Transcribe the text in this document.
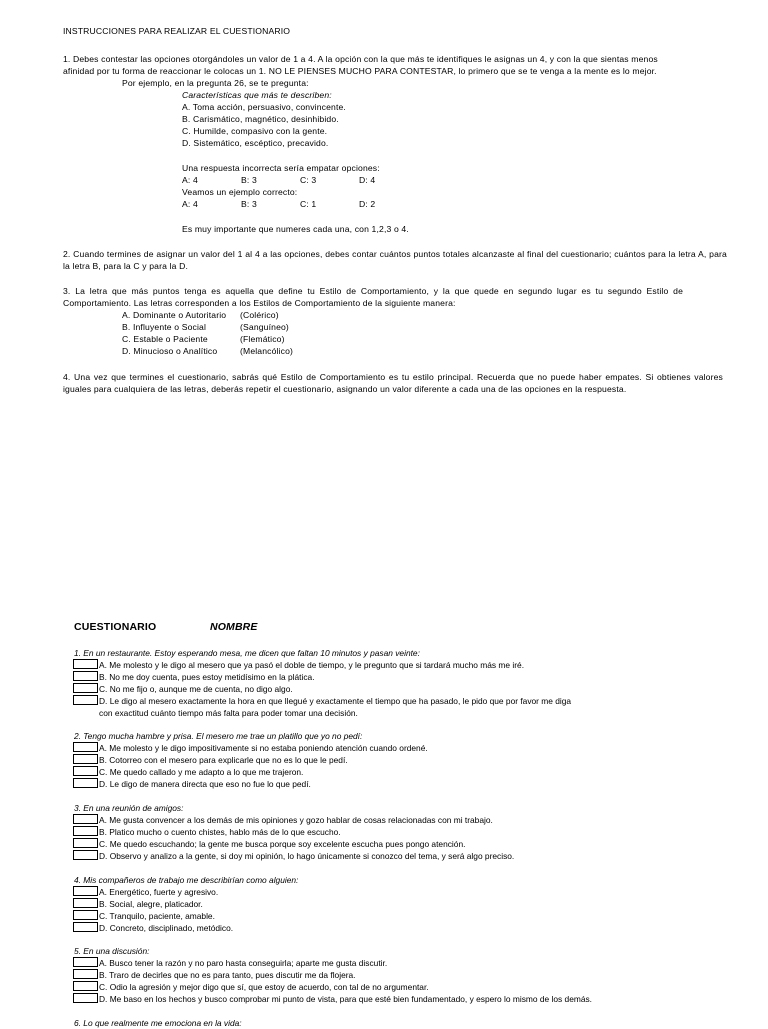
INSTRUCCIONES PARA REALIZAR EL CUESTIONARIO
1. Debes contestar las opciones otorgándoles un valor de 1 a 4. A la opción con la que más te identifiques le asignas un 4, y con la que sientas menos
afinidad por tu forma de reaccionar le colocas un 1. NO LE PIENSES MUCHO PARA CONTESTAR, lo primero que se te venga a la mente es lo mejor.
Por ejemplo, en la pregunta 26, se te pregunta:
Características que más te describen:
A. Toma acción, persuasivo, convincente.
B. Carismático, magnético, desinhibido.
C. Humilde, compasivo con la gente.
D. Sistemático, escéptico, precavido.
Una respuesta incorrecta sería empatar opciones:
A: 4	B: 3	C: 3	D: 4
Veamos un ejemplo correcto:
A: 4	B: 3	C: 1	D: 2
Es muy importante que numeres cada una, con 1,2,3 o 4.
2. Cuando termines de asignar un valor del 1 al 4 a las opciones, debes contar cuántos puntos totales alcanzaste al final del cuestionario; cuántos para la letra A, para la letra B, para la C y para la D.
3. La letra que más puntos tenga es aquella que define tu Estilo de Comportamiento, y la que quede en segundo lugar es tu segundo Estilo de Comportamiento. Las letras corresponden a los Estilos de Comportamiento de la siguiente manera:
A. Dominante o Autoritario (Colérico)
B. Influyente o Social	(Sanguíneo)
C. Estable o Paciente	(Flemático)
D. Minucioso o Analítico	(Melancólico)
4. Una vez que termines el cuestionario, sabrás qué Estilo de Comportamiento es tu estilo principal. Recuerda que no puede haber empates. Si obtienes valores iguales para cualquiera de las letras, deberás repetir el cuestionario, asignando un valor diferente a cada una de las opciones en la respuesta.
CUESTIONARIO	NOMBRE
1. En un restaurante. Estoy esperando mesa, me dicen que faltan 10 minutos y pasan veinte:
A. Me molesto y le digo al mesero que ya pasó el doble de tiempo, y le pregunto que si tardará mucho más me iré.
B. No me doy cuenta, pues estoy metidísimo en la plática.
C. No me fijo o, aunque me de cuenta, no digo algo.
D. Le digo al mesero exactamente la hora en que llegué y exactamente el tiempo que ha pasado, le pido que por favor me diga
con exactitud cuánto tiempo más falta para poder tomar una decisión.
2. Tengo mucha hambre y prisa. El mesero me trae un platillo que yo no pedí:
A. Me molesto y le digo impositivamente si no estaba poniendo atención cuando ordené.
B. Cotorreo con el mesero para explicarle que no es lo que le pedí.
C. Me quedo callado y me adapto a lo que me trajeron.
D. Le digo de manera directa que eso no fue lo que pedí.
3. En una reunión de amigos:
A. Me gusta convencer a los demás de mis opiniones y gozo hablar de cosas relacionadas con mi trabajo.
B. Platico mucho o cuento chistes, hablo más de lo que escucho.
C. Me quedo escuchando; la gente me busca porque soy excelente escucha pues pongo atención.
D. Observo y analizo a la gente, si doy mi opinión, lo hago únicamente si conozco del tema, y será algo preciso.
4. Mis compañeros de trabajo me describirían como alguien:
A. Energético, fuerte y agresivo.
B. Social, alegre, platicador.
C. Tranquilo, paciente, amable.
D. Concreto, disciplinado, metódico.
5. En una discusión:
A. Busco tener la razón y no paro hasta conseguirla; aparte me gusta discutir.
B. Traro de decirles que no es para tanto, pues discutir me da flojera.
C. Odio la agresión y mejor digo que sí, que estoy de acuerdo, con tal de no argumentar.
D. Me baso en los hechos y busco comprobar mi punto de vista, para que esté bien fundamentado, y espero lo mismo de los demás.
6. Lo que realmente me emociona en la vida:
